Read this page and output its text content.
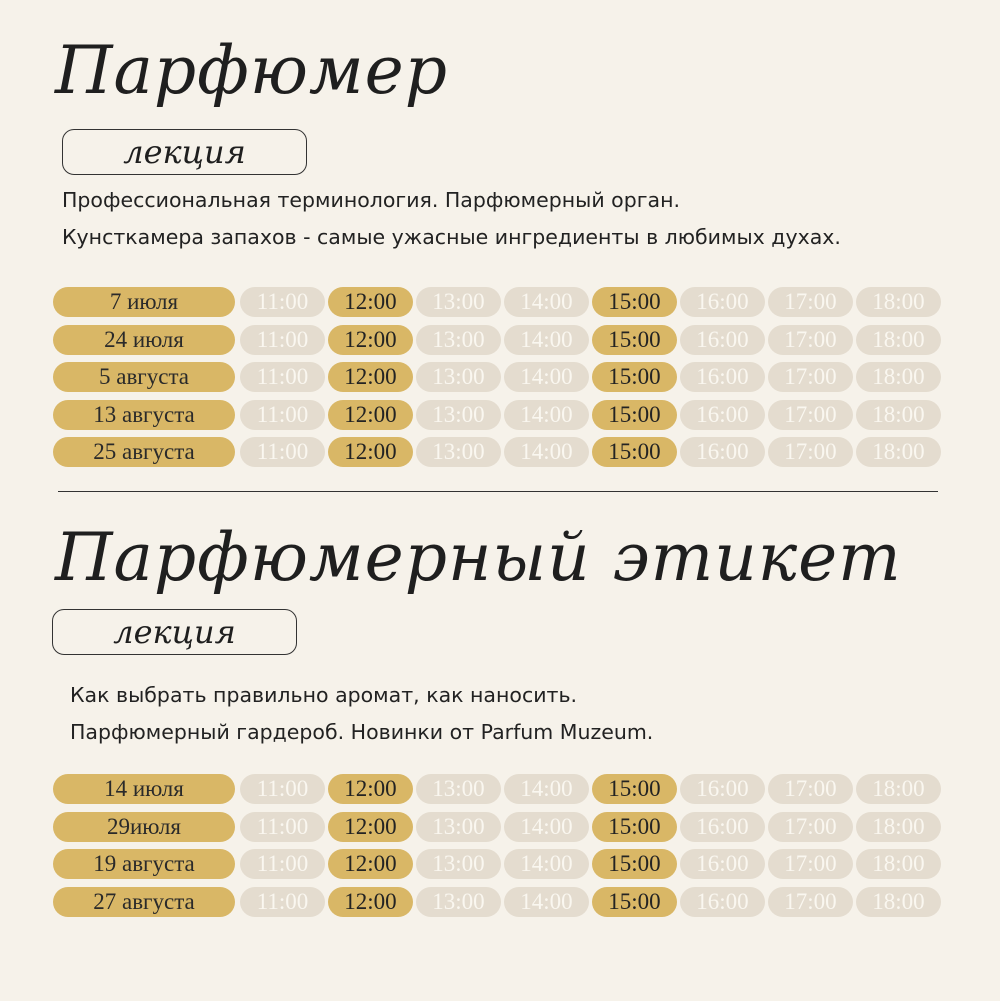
Парфюмер
лекция

Профессиональная терминология. Парфюмерный орган.
Кунсткамера запахов - самые ужасные ингредиенты в любимых духах.

7 июля	11:00	12:00	13:00	14:00	15:00	16:00	17:00	18:00
24 июля	11:00	12:00	13:00	14:00	15:00	16:00	17:00	18:00
5 августа	11:00	12:00	13:00	14:00	15:00	16:00	17:00	18:00
13 августа	11:00	12:00	13:00	14:00	15:00	16:00	17:00	18:00
25 августа	11:00	12:00	13:00	14:00	15:00	16:00	17:00	18:00
Парфюмерный этикет
лекция

Как выбрать правильно аромат, как наносить.
Парфюмерный гардероб. Новинки от Parfum Muzeum.

14 июля	11:00	12:00	13:00	14:00	15:00	16:00	17:00	18:00
29июля	11:00	12:00	13:00	14:00	15:00	16:00	17:00	18:00
19 августа	11:00	12:00	13:00	14:00	15:00	16:00	17:00	18:00
27 августа	11:00	12:00	13:00	14:00	15:00	16:00	17:00	18:00
